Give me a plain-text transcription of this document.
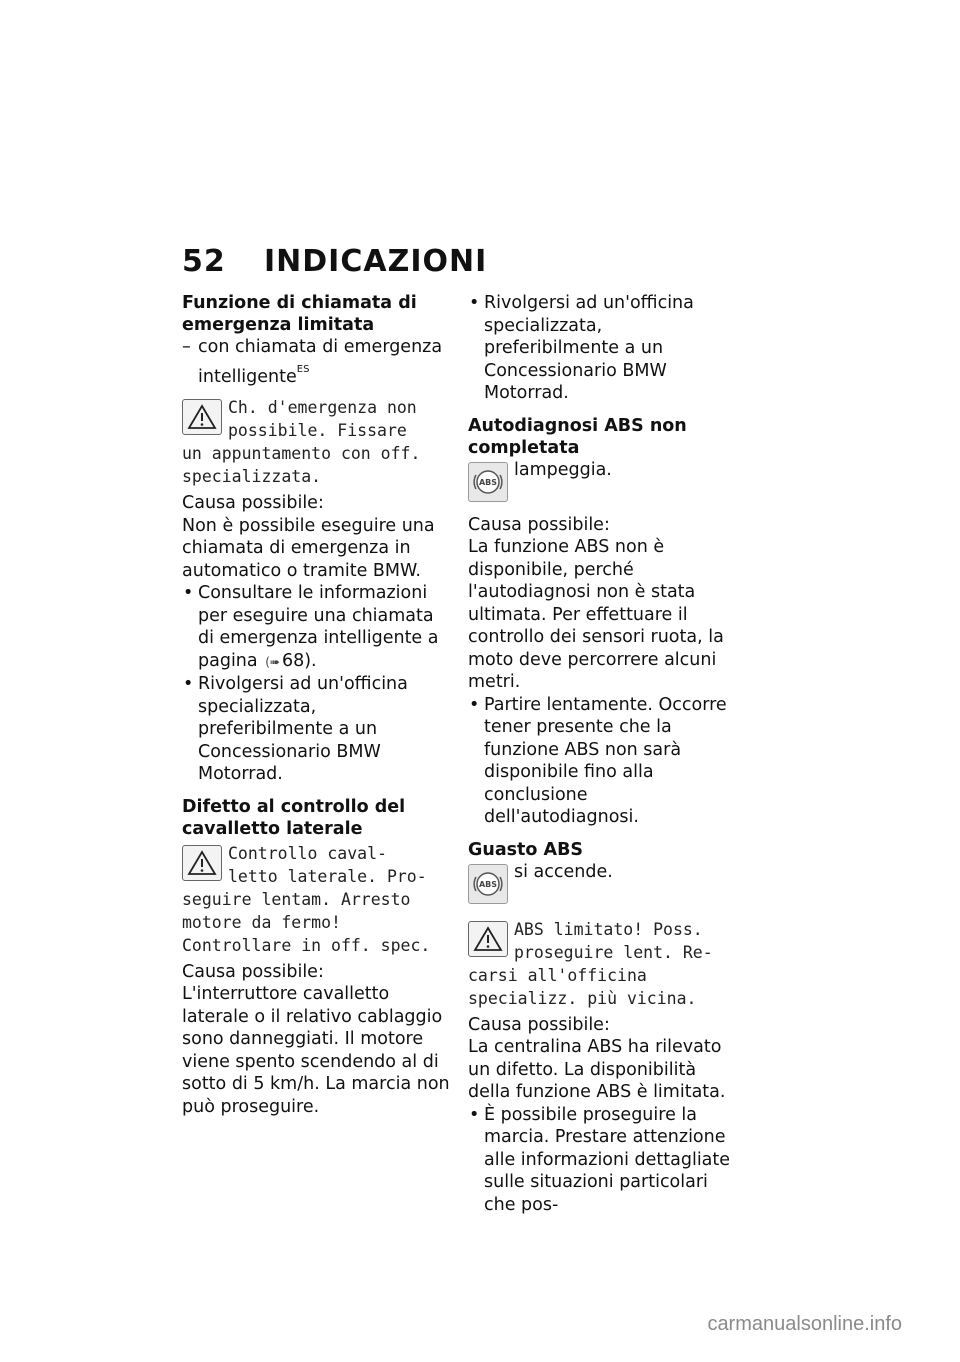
52 INDICAZIONI

Funzione di chiamata di emergenza limitata

– con chiamata di emergenza intelligente$^{ES}$

Ch. d'emergenza non

possibile. Fissare

un appuntamento con off. specializzata.

Causa possibile:

Non è possibile eseguire una chiamata di emergenza in automatico o tramite BMW.

• Consultare le informazioni per eseguire una chiamata di emergenza intelligente a pagina (➠ 68).
• Rivolgersi ad un'officina specializzata, preferibilmente a un Concessionario BMW Motorrad.

Difetto al controllo del cavalletto laterale

Controllo caval-

letto laterale. Pro-

seguire lentam. Arresto motore da fermo! Controllare in off. spec.

Causa possibile:

L'interruttore cavalletto laterale o il relativo cablaggio sono danneggiati. Il motore viene spento scendendo al di sotto di 5 km/h. La marcia non può proseguire.

• Rivolgersi ad un'officina specializzata, preferibilmente a un Concessionario BMW Motorrad.

Autodiagnosi ABS non completata

ABS

lampeggia.

Causa possibile:

La funzione ABS non è disponibile, perché l'autodiagnosi non è stata ultimata. Per effettuare il controllo dei sensori ruota, la moto deve percorrere alcuni metri.

• Partire lentamente. Occorre tener presente che la funzione ABS non sarà disponibile fino alla conclusione dell'autodiagnosi.

Guasto ABS

ABS

si accende.

ABS limitato! Poss.

proseguire lent. Re-

carsi all'officina specializz. più vicina.

Causa possibile:

La centralina ABS ha rilevato un difetto. La disponibilità della funzione ABS è limitata.

• È possibile proseguire la marcia. Prestare attenzione alle informazioni dettagliate sulle situazioni particolari che pos-
carmanualsonline.info
